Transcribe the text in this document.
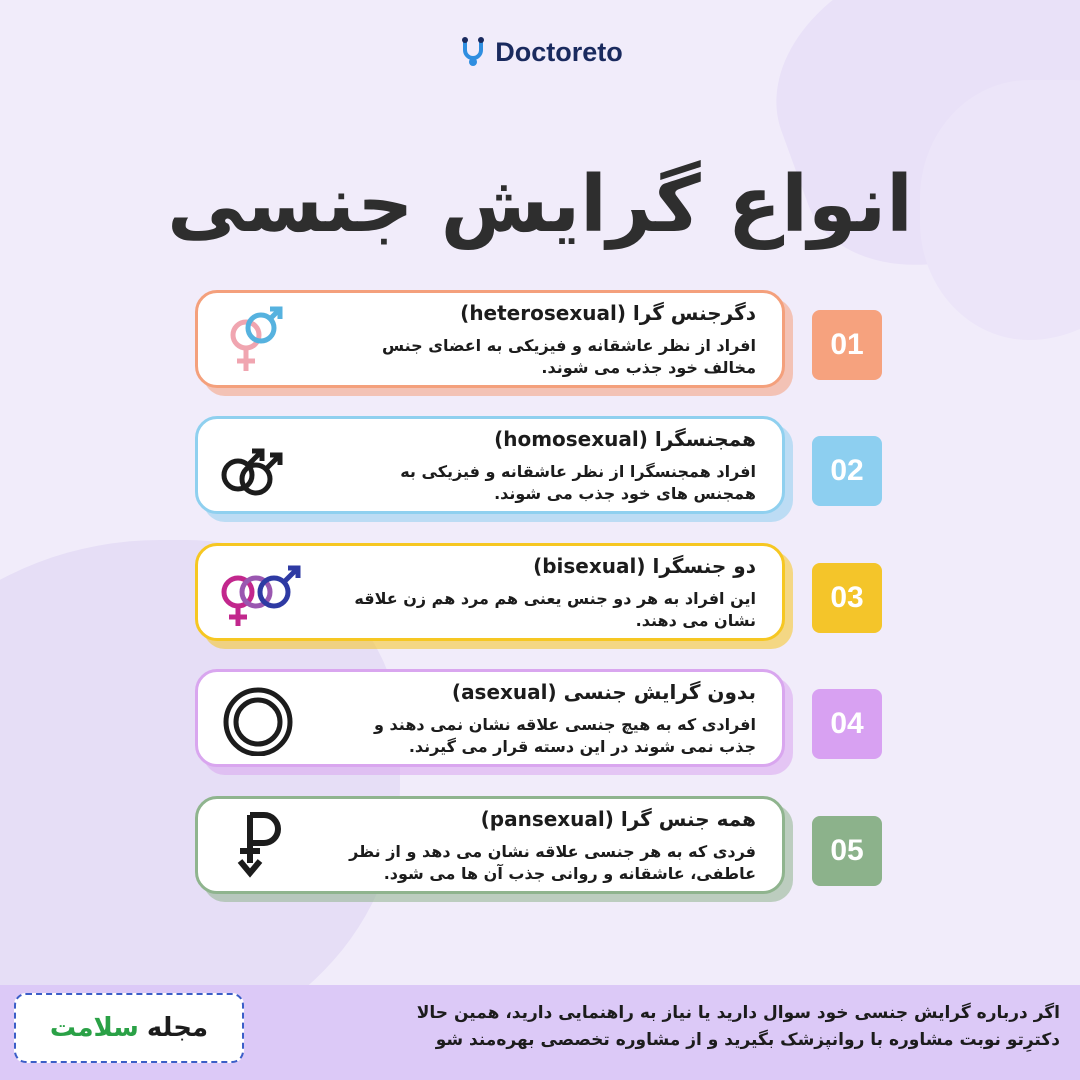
Doctoreto
انواع گرایش جنسی
دگرجنس گرا (heterosexual)
افراد از نظر عاشقانه و فیزیکی به اعضای جنس مخالف خود جذب می شوند.
01
همجنسگرا (homosexual)
افراد همجنسگرا از نظر عاشقانه و فیزیکی به همجنس های خود جذب می شوند.
02
دو جنسگرا (bisexual)
این افراد به هر دو جنس یعنی هم مرد هم زن علاقه نشان می دهند.
03
بدون گرایش جنسی (asexual)
افرادی که به هیچ جنسی علاقه نشان نمی دهند و جذب نمی شوند در این دسته قرار می گیرند.
04
همه جنس گرا (pansexual)
فردی که به هر جنسی علاقه نشان می دهد و از نظر عاطفی، عاشقانه و روانی جذب آن ها می شود.
05
اگر درباره گرایش جنسی خود سوال دارید یا نیاز به راهنمایی دارید، همین حالا
دکترِتو نوبت مشاوره با روانپزشک بگیرید و از مشاوره تخصصی بهره‌مند شو
مجله
سلامت
